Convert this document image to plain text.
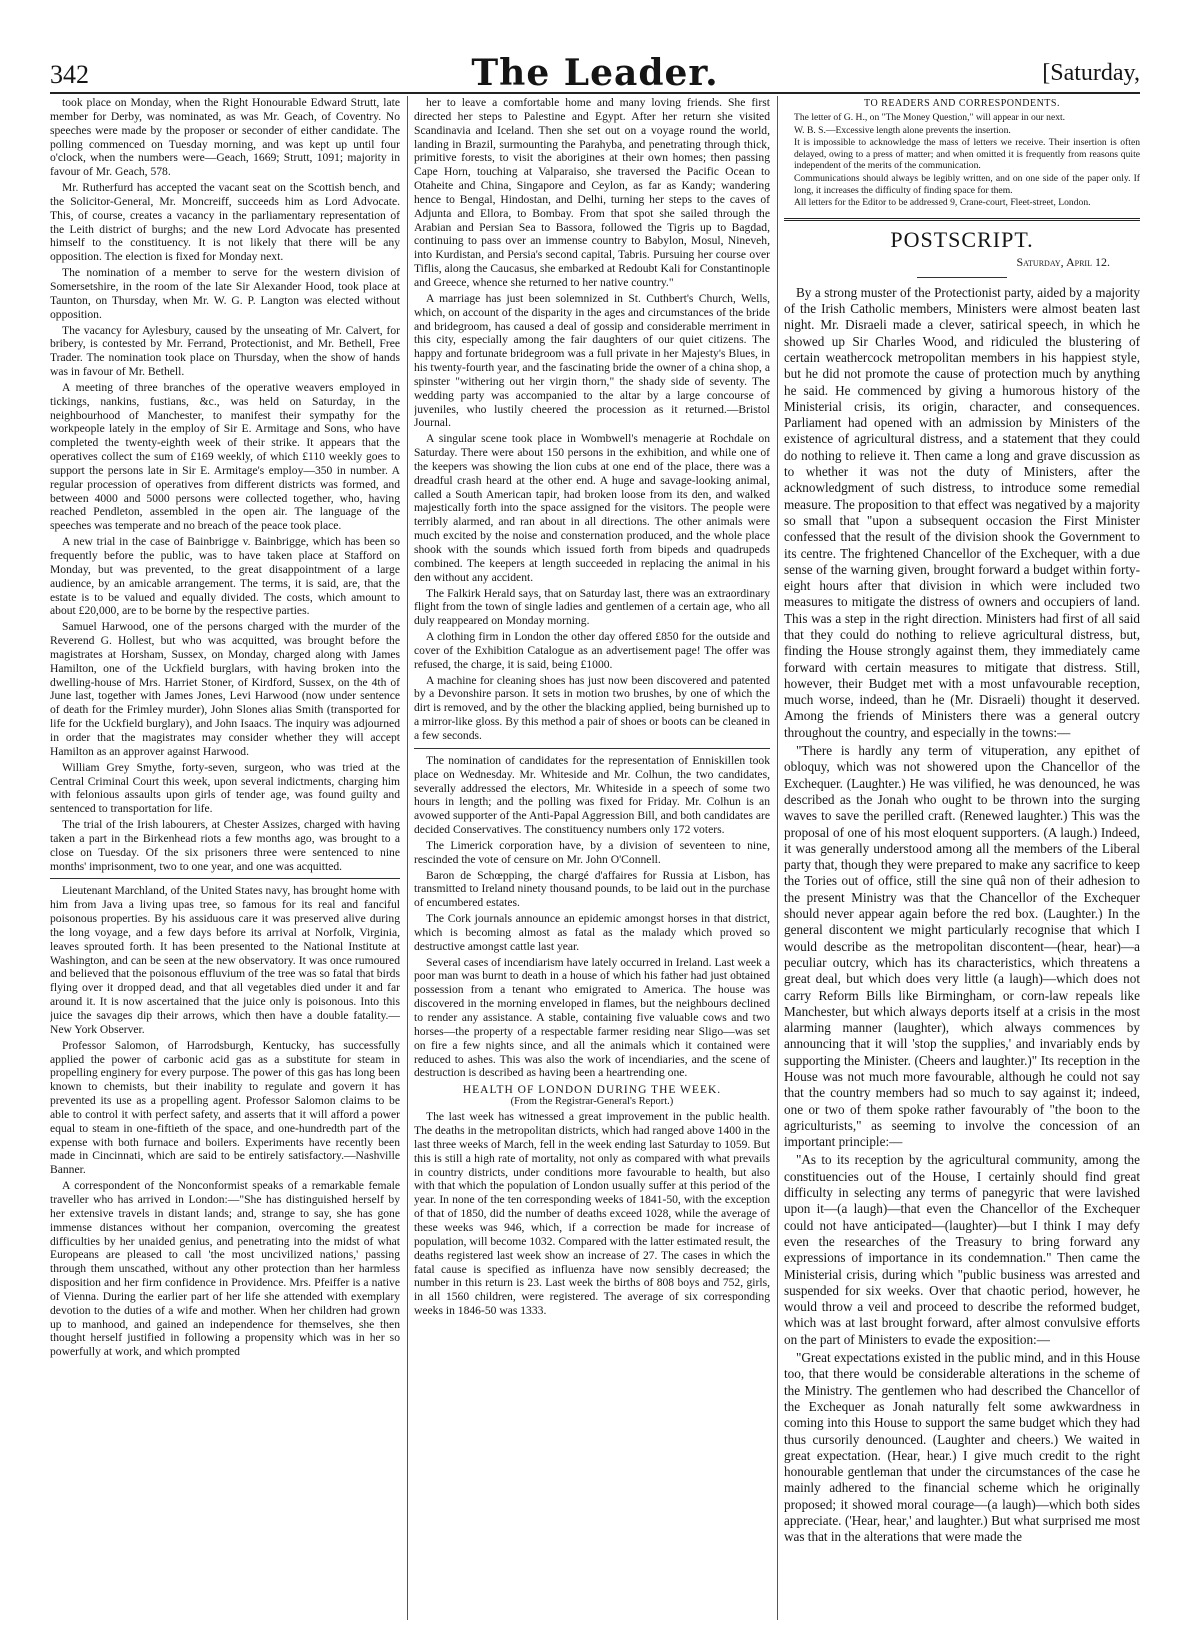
342	The Leader.	[Saturday,

took place on Monday, when the Right Honourable Edward Strutt, late member for Derby, was nominated, as was Mr. Geach, of Coventry. No speeches were made by the proposer or seconder of either candidate. The polling commenced on Tuesday morning, and was kept up until four o'clock, when the numbers were—Geach, 1669; Strutt, 1091; majority in favour of Mr. Geach, 578.

Mr. Rutherfurd has accepted the vacant seat on the Scottish bench, and the Solicitor-General, Mr. Moncreiff, succeeds him as Lord Advocate. This, of course, creates a vacancy in the parliamentary representation of the Leith district of burghs; and the new Lord Advocate has presented himself to the constituency. It is not likely that there will be any opposition. The election is fixed for Monday next.

The nomination of a member to serve for the western division of Somersetshire, in the room of the late Sir Alexander Hood, took place at Taunton, on Thursday, when Mr. W. G. P. Langton was elected without opposition.

The vacancy for Aylesbury, caused by the unseating of Mr. Calvert, for bribery, is contested by Mr. Ferrand, Protectionist, and Mr. Bethell, Free Trader. The nomination took place on Thursday, when the show of hands was in favour of Mr. Bethell.

A meeting of three branches of the operative weavers employed in tickings, nankins, fustians, &c., was held on Saturday, in the neighbourhood of Manchester, to manifest their sympathy for the workpeople lately in the employ of Sir E. Armitage and Sons, who have completed the twenty-eighth week of their strike. It appears that the operatives collect the sum of £169 weekly, of which £110 weekly goes to support the persons late in Sir E. Armitage's employ—350 in number. A regular procession of operatives from different districts was formed, and between 4000 and 5000 persons were collected together, who, having reached Pendleton, assembled in the open air. The language of the speeches was temperate and no breach of the peace took place.

A new trial in the case of Bainbrigge v. Bainbrigge, which has been so frequently before the public, was to have taken place at Stafford on Monday, but was prevented, to the great disappointment of a large audience, by an amicable arrangement. The terms, it is said, are, that the estate is to be valued and equally divided. The costs, which amount to about £20,000, are to be borne by the respective parties.

Samuel Harwood, one of the persons charged with the murder of the Reverend G. Hollest, but who was acquitted, was brought before the magistrates at Horsham, Sussex, on Monday, charged along with James Hamilton, one of the Uckfield burglars, with having broken into the dwelling-house of Mrs. Harriet Stoner, of Kirdford, Sussex, on the 4th of June last, together with James Jones, Levi Harwood (now under sentence of death for the Frimley murder), John Slones alias Smith (transported for life for the Uckfield burglary), and John Isaacs. The inquiry was adjourned in order that the magistrates may consider whether they will accept Hamilton as an approver against Harwood.

William Grey Smythe, forty-seven, surgeon, who was tried at the Central Criminal Court this week, upon several indictments, charging him with felonious assaults upon girls of tender age, was found guilty and sentenced to transportation for life.

The trial of the Irish labourers, at Chester Assizes, charged with having taken a part in the Birkenhead riots a few months ago, was brought to a close on Tuesday. Of the six prisoners three were sentenced to nine months' imprisonment, two to one year, and one was acquitted.

Lieutenant Marchland, of the United States navy, has brought home with him from Java a living upas tree, so famous for its real and fanciful poisonous properties. By his assiduous care it was preserved alive during the long voyage, and a few days before its arrival at Norfolk, Virginia, leaves sprouted forth. It has been presented to the National Institute at Washington, and can be seen at the new observatory. It was once rumoured and believed that the poisonous effluvium of the tree was so fatal that birds flying over it dropped dead, and that all vegetables died under it and far around it. It is now ascertained that the juice only is poisonous. Into this juice the savages dip their arrows, which then have a double fatality.—New York Observer.

Professor Salomon, of Harrodsburgh, Kentucky, has successfully applied the power of carbonic acid gas as a substitute for steam in propelling enginery for every purpose. The power of this gas has long been known to chemists, but their inability to regulate and govern it has prevented its use as a propelling agent. Professor Salomon claims to be able to control it with perfect safety, and asserts that it will afford a power equal to steam in one-fiftieth of the space, and one-hundredth part of the expense with both furnace and boilers. Experiments have recently been made in Cincinnati, which are said to be entirely satisfactory.—Nashville Banner.

A correspondent of the Nonconformist speaks of a remarkable female traveller who has arrived in London:—"She has distinguished herself by her extensive travels in distant lands; and, strange to say, she has gone immense distances without her companion, overcoming the greatest difficulties by her unaided genius, and penetrating into the midst of what Europeans are pleased to call 'the most uncivilized nations,' passing through them unscathed, without any other protection than her harmless disposition and her firm confidence in Providence. Mrs. Pfeiffer is a native of Vienna. During the earlier part of her life she attended with exemplary devotion to the duties of a wife and mother. When her children had grown up to manhood, and gained an independence for themselves, she then thought herself justified in following a propensity which was in her so powerfully at work, and which prompted

her to leave a comfortable home and many loving friends. She first directed her steps to Palestine and Egypt. After her return she visited Scandinavia and Iceland. Then she set out on a voyage round the world, landing in Brazil, surmounting the Parahyba, and penetrating through thick, primitive forests, to visit the aborigines at their own homes; then passing Cape Horn, touching at Valparaiso, she traversed the Pacific Ocean to Otaheite and China, Singapore and Ceylon, as far as Kandy; wandering hence to Bengal, Hindostan, and Delhi, turning her steps to the caves of Adjunta and Ellora, to Bombay. From that spot she sailed through the Arabian and Persian Sea to Bassora, followed the Tigris up to Bagdad, continuing to pass over an immense country to Babylon, Mosul, Nineveh, into Kurdistan, and Persia's second capital, Tabris. Pursuing her course over Tiflis, along the Caucasus, she embarked at Redoubt Kali for Constantinople and Greece, whence she returned to her native country."

A marriage has just been solemnized in St. Cuthbert's Church, Wells, which, on account of the disparity in the ages and circumstances of the bride and bridegroom, has caused a deal of gossip and considerable merriment in this city, especially among the fair daughters of our quiet citizens. The happy and fortunate bridegroom was a full private in her Majesty's Blues, in his twenty-fourth year, and the fascinating bride the owner of a china shop, a spinster "withering out her virgin thorn," the shady side of seventy. The wedding party was accompanied to the altar by a large concourse of juveniles, who lustily cheered the procession as it returned.—Bristol Journal.

A singular scene took place in Wombwell's menagerie at Rochdale on Saturday. There were about 150 persons in the exhibition, and while one of the keepers was showing the lion cubs at one end of the place, there was a dreadful crash heard at the other end. A huge and savage-looking animal, called a South American tapir, had broken loose from its den, and walked majestically forth into the space assigned for the visitors. The people were terribly alarmed, and ran about in all directions. The other animals were much excited by the noise and consternation produced, and the whole place shook with the sounds which issued forth from bipeds and quadrupeds combined. The keepers at length succeeded in replacing the animal in his den without any accident.

The Falkirk Herald says, that on Saturday last, there was an extraordinary flight from the town of single ladies and gentlemen of a certain age, who all duly reappeared on Monday morning.

A clothing firm in London the other day offered £850 for the outside and cover of the Exhibition Catalogue as an advertisement page! The offer was refused, the charge, it is said, being £1000.

A machine for cleaning shoes has just now been discovered and patented by a Devonshire parson. It sets in motion two brushes, by one of which the dirt is removed, and by the other the blacking applied, being burnished up to a mirror-like gloss. By this method a pair of shoes or boots can be cleaned in a few seconds.

The nomination of candidates for the representation of Enniskillen took place on Wednesday. Mr. Whiteside and Mr. Colhun, the two candidates, severally addressed the electors, Mr. Whiteside in a speech of some two hours in length; and the polling was fixed for Friday. Mr. Colhun is an avowed supporter of the Anti-Papal Aggression Bill, and both candidates are decided Conservatives. The constituency numbers only 172 voters.

The Limerick corporation have, by a division of seventeen to nine, rescinded the vote of censure on Mr. John O'Connell.

Baron de Schœpping, the chargé d'affaires for Russia at Lisbon, has transmitted to Ireland ninety thousand pounds, to be laid out in the purchase of encumbered estates.

The Cork journals announce an epidemic amongst horses in that district, which is becoming almost as fatal as the malady which proved so destructive amongst cattle last year.

Several cases of incendiarism have lately occurred in Ireland. Last week a poor man was burnt to death in a house of which his father had just obtained possession from a tenant who emigrated to America. The house was discovered in the morning enveloped in flames, but the neighbours declined to render any assistance. A stable, containing five valuable cows and two horses—the property of a respectable farmer residing near Sligo—was set on fire a few nights since, and all the animals which it contained were reduced to ashes. This was also the work of incendiaries, and the scene of destruction is described as having been a heartrending one.

HEALTH OF LONDON DURING THE WEEK.
(From the Registrar-General's Report.)

The last week has witnessed a great improvement in the public health. The deaths in the metropolitan districts, which had ranged above 1400 in the last three weeks of March, fell in the week ending last Saturday to 1059. But this is still a high rate of mortality, not only as compared with what prevails in country districts, under conditions more favourable to health, but also with that which the population of London usually suffer at this period of the year. In none of the ten corresponding weeks of 1841-50, with the exception of that of 1850, did the number of deaths exceed 1028, while the average of these weeks was 946, which, if a correction be made for increase of population, will become 1032. Compared with the latter estimated result, the deaths registered last week show an increase of 27. The cases in which the fatal cause is specified as influenza have now sensibly decreased; the number in this return is 23. Last week the births of 808 boys and 752, girls, in all 1560 children, were registered. The average of six corresponding weeks in 1846-50 was 1333.

TO READERS AND CORRESPONDENTS.

The letter of G. H., on "The Money Question," will appear in our next.

W. B. S.—Excessive length alone prevents the insertion.

It is impossible to acknowledge the mass of letters we receive. Their insertion is often delayed, owing to a press of matter; and when omitted it is frequently from reasons quite independent of the merits of the communication.

Communications should always be legibly written, and on one side of the paper only. If long, it increases the difficulty of finding space for them.

All letters for the Editor to be addressed 9, Crane-court, Fleet-street, London.

POSTSCRIPT.
Saturday, April 12.

By a strong muster of the Protectionist party, aided by a majority of the Irish Catholic members, Ministers were almost beaten last night. Mr. Disraeli made a clever, satirical speech, in which he showed up Sir Charles Wood, and ridiculed the blustering of certain weathercock metropolitan members in his happiest style, but he did not promote the cause of protection much by anything he said. He commenced by giving a humorous history of the Ministerial crisis, its origin, character, and consequences. Parliament had opened with an admission by Ministers of the existence of agricultural distress, and a statement that they could do nothing to relieve it. Then came a long and grave discussion as to whether it was not the duty of Ministers, after the acknowledgment of such distress, to introduce some remedial measure. The proposition to that effect was negatived by a majority so small that "upon a subsequent occasion the First Minister confessed that the result of the division shook the Government to its centre. The frightened Chancellor of the Exchequer, with a due sense of the warning given, brought forward a budget within forty-eight hours after that division in which were included two measures to mitigate the distress of owners and occupiers of land. This was a step in the right direction. Ministers had first of all said that they could do nothing to relieve agricultural distress, but, finding the House strongly against them, they immediately came forward with certain measures to mitigate that distress. Still, however, their Budget met with a most unfavourable reception, much worse, indeed, than he (Mr. Disraeli) thought it deserved. Among the friends of Ministers there was a general outcry throughout the country, and especially in the towns:—

"There is hardly any term of vituperation, any epithet of obloquy, which was not showered upon the Chancellor of the Exchequer. (Laughter.) He was vilified, he was denounced, he was described as the Jonah who ought to be thrown into the surging waves to save the perilled craft. (Renewed laughter.) This was the proposal of one of his most eloquent supporters. (A laugh.) Indeed, it was generally understood among all the members of the Liberal party that, though they were prepared to make any sacrifice to keep the Tories out of office, still the sine quâ non of their adhesion to the present Ministry was that the Chancellor of the Exchequer should never appear again before the red box. (Laughter.) In the general discontent we might particularly recognise that which I would describe as the metropolitan discontent—(hear, hear)—a peculiar outcry, which has its characteristics, which threatens a great deal, but which does very little (a laugh)—which does not carry Reform Bills like Birmingham, or corn-law repeals like Manchester, but which always deports itself at a crisis in the most alarming manner (laughter), which always commences by announcing that it will 'stop the supplies,' and invariably ends by supporting the Minister. (Cheers and laughter.)" Its reception in the House was not much more favourable, although he could not say that the country members had so much to say against it; indeed, one or two of them spoke rather favourably of "the boon to the agriculturists," as seeming to involve the concession of an important principle:—

"As to its reception by the agricultural community, among the constituencies out of the House, I certainly should find great difficulty in selecting any terms of panegyric that were lavished upon it—(a laugh)—that even the Chancellor of the Exchequer could not have anticipated—(laughter)—but I think I may defy even the researches of the Treasury to bring forward any expressions of importance in its condemnation." Then came the Ministerial crisis, during which "public business was arrested and suspended for six weeks. Over that chaotic period, however, he would throw a veil and proceed to describe the reformed budget, which was at last brought forward, after almost convulsive efforts on the part of Ministers to evade the exposition:—

"Great expectations existed in the public mind, and in this House too, that there would be considerable alterations in the scheme of the Ministry. The gentlemen who had described the Chancellor of the Exchequer as Jonah naturally felt some awkwardness in coming into this House to support the same budget which they had thus cursorily denounced. (Laughter and cheers.) We waited in great expectation. (Hear, hear.) I give much credit to the right honourable gentleman that under the circumstances of the case he mainly adhered to the financial scheme which he originally proposed; it showed moral courage—(a laugh)—which both sides appreciate. ('Hear, hear,' and laughter.) But what surprised me most was that in the alterations that were made the
